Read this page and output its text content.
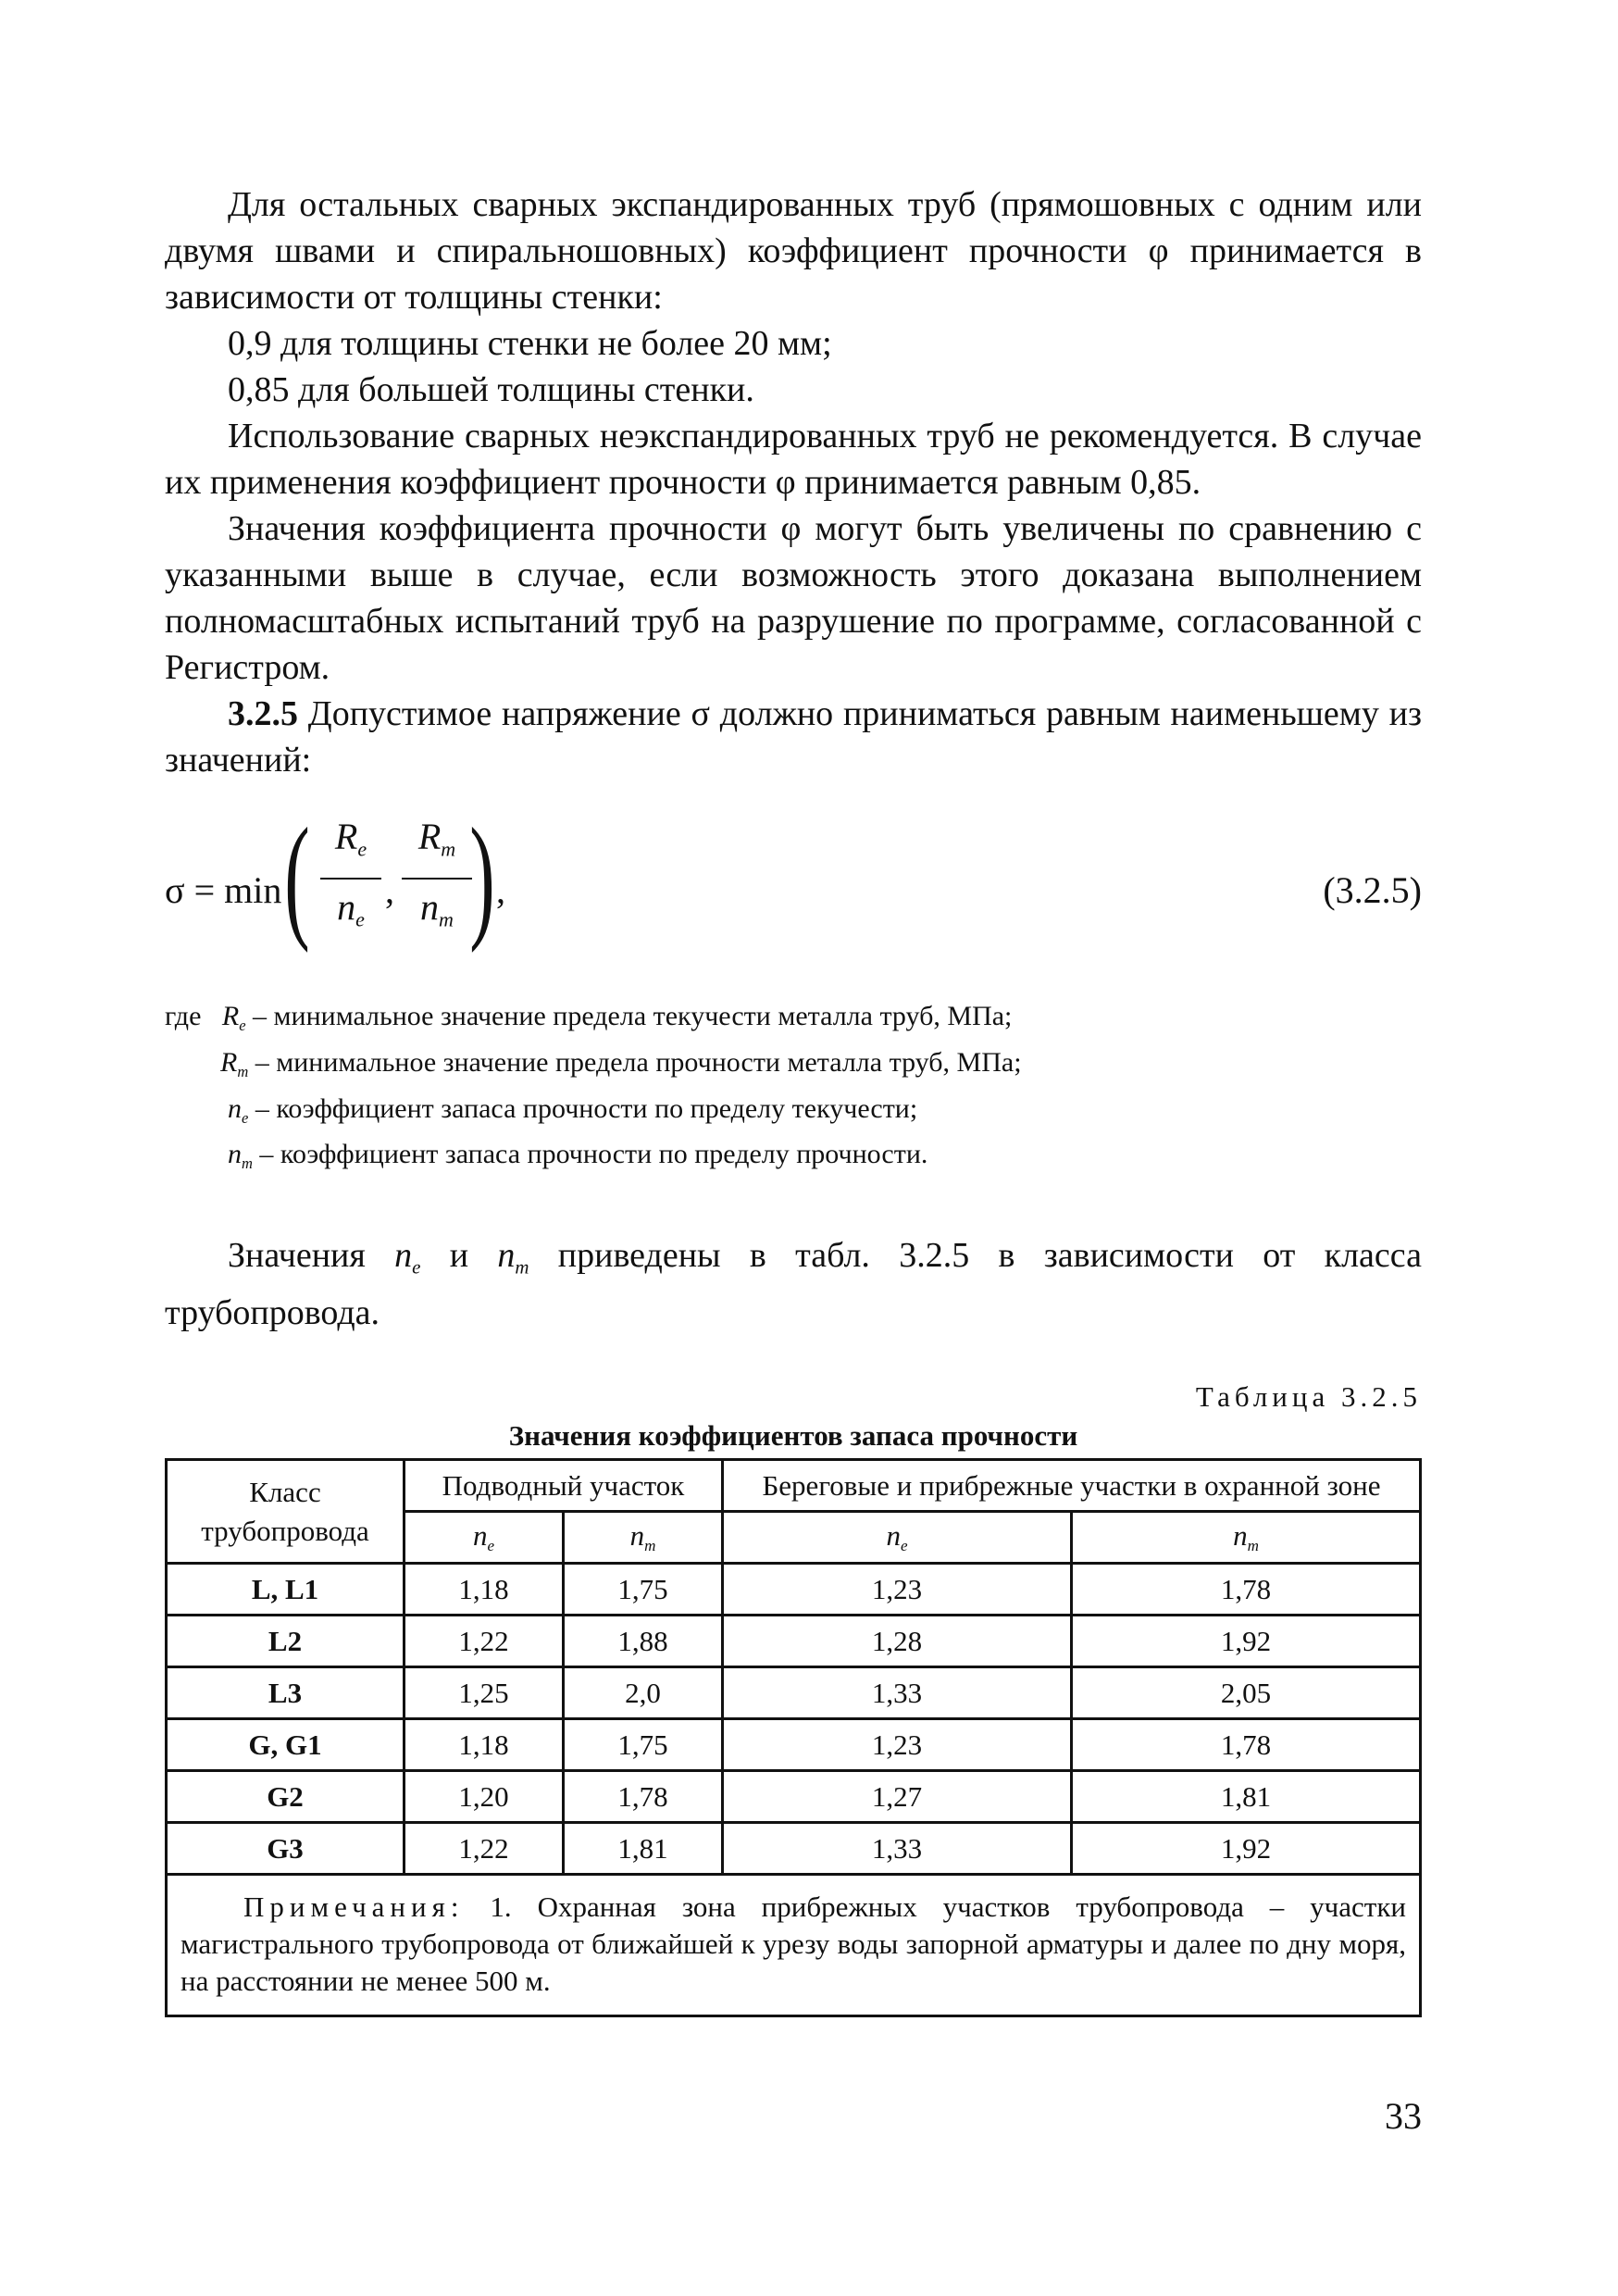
Для остальных сварных экспандированных труб (прямошовных с одним или двумя швами и спиральношовных) коэффициент прочности φ принимается в зависимости от толщины стенки:

0,9 для толщины стенки не более 20 мм;

0,85 для большей толщины стенки.

Использование сварных неэкспандированных труб не рекомендуется. В случае их применения коэффициент прочности φ принимается равным 0,85.

Значения коэффициента прочности φ могут быть увеличены по сравнению с указанными выше в случае, если возможность этого доказана выполнением полномасштабных испытаний труб на разрушение по программе, согласованной с Регистром.

3.2.5 Допустимое напряжение σ должно приниматься равным наименьшему из значений:

σ = min ( $R_e$
$n_e$
,
$R_m$
$n_m$ ) ,	(3.2.5)
где $R_e$ – минимальное значение предела текучести металла труб, МПа;
$R_m$ – минимальное значение предела прочности металла труб, МПа;
$n_e$ – коэффициент запаса прочности по пределу текучести;
$n_m$ – коэффициент запаса прочности по пределу прочности.

Значения $n_e$ и $n_m$ приведены в табл. 3.2.5 в зависимости от класса трубопровода.

Таблица 3.2.5
Значения коэффициентов запаса прочности
Класс трубопровода	Подводный участок		Береговые и прибрежные участки в охранной зоне	
	$n_e$	$n_m$	$n_e$	$n_m$
L, L1	1,18	1,75	1,23	1,78
L2	1,22	1,88	1,28	1,92
L3	1,25	2,0	1,33	2,05
G, G1	1,18	1,75	1,23	1,78
G2	1,20	1,78	1,27	1,81
G3	1,22	1,81	1,33	1,92
Примечания: 1. Охранная зона прибрежных участков трубопровода – участки магистрального трубопровода от ближайшей к урезу воды запорной арматуры и далее по дну моря, на расстоянии не менее 500 м.				
33
